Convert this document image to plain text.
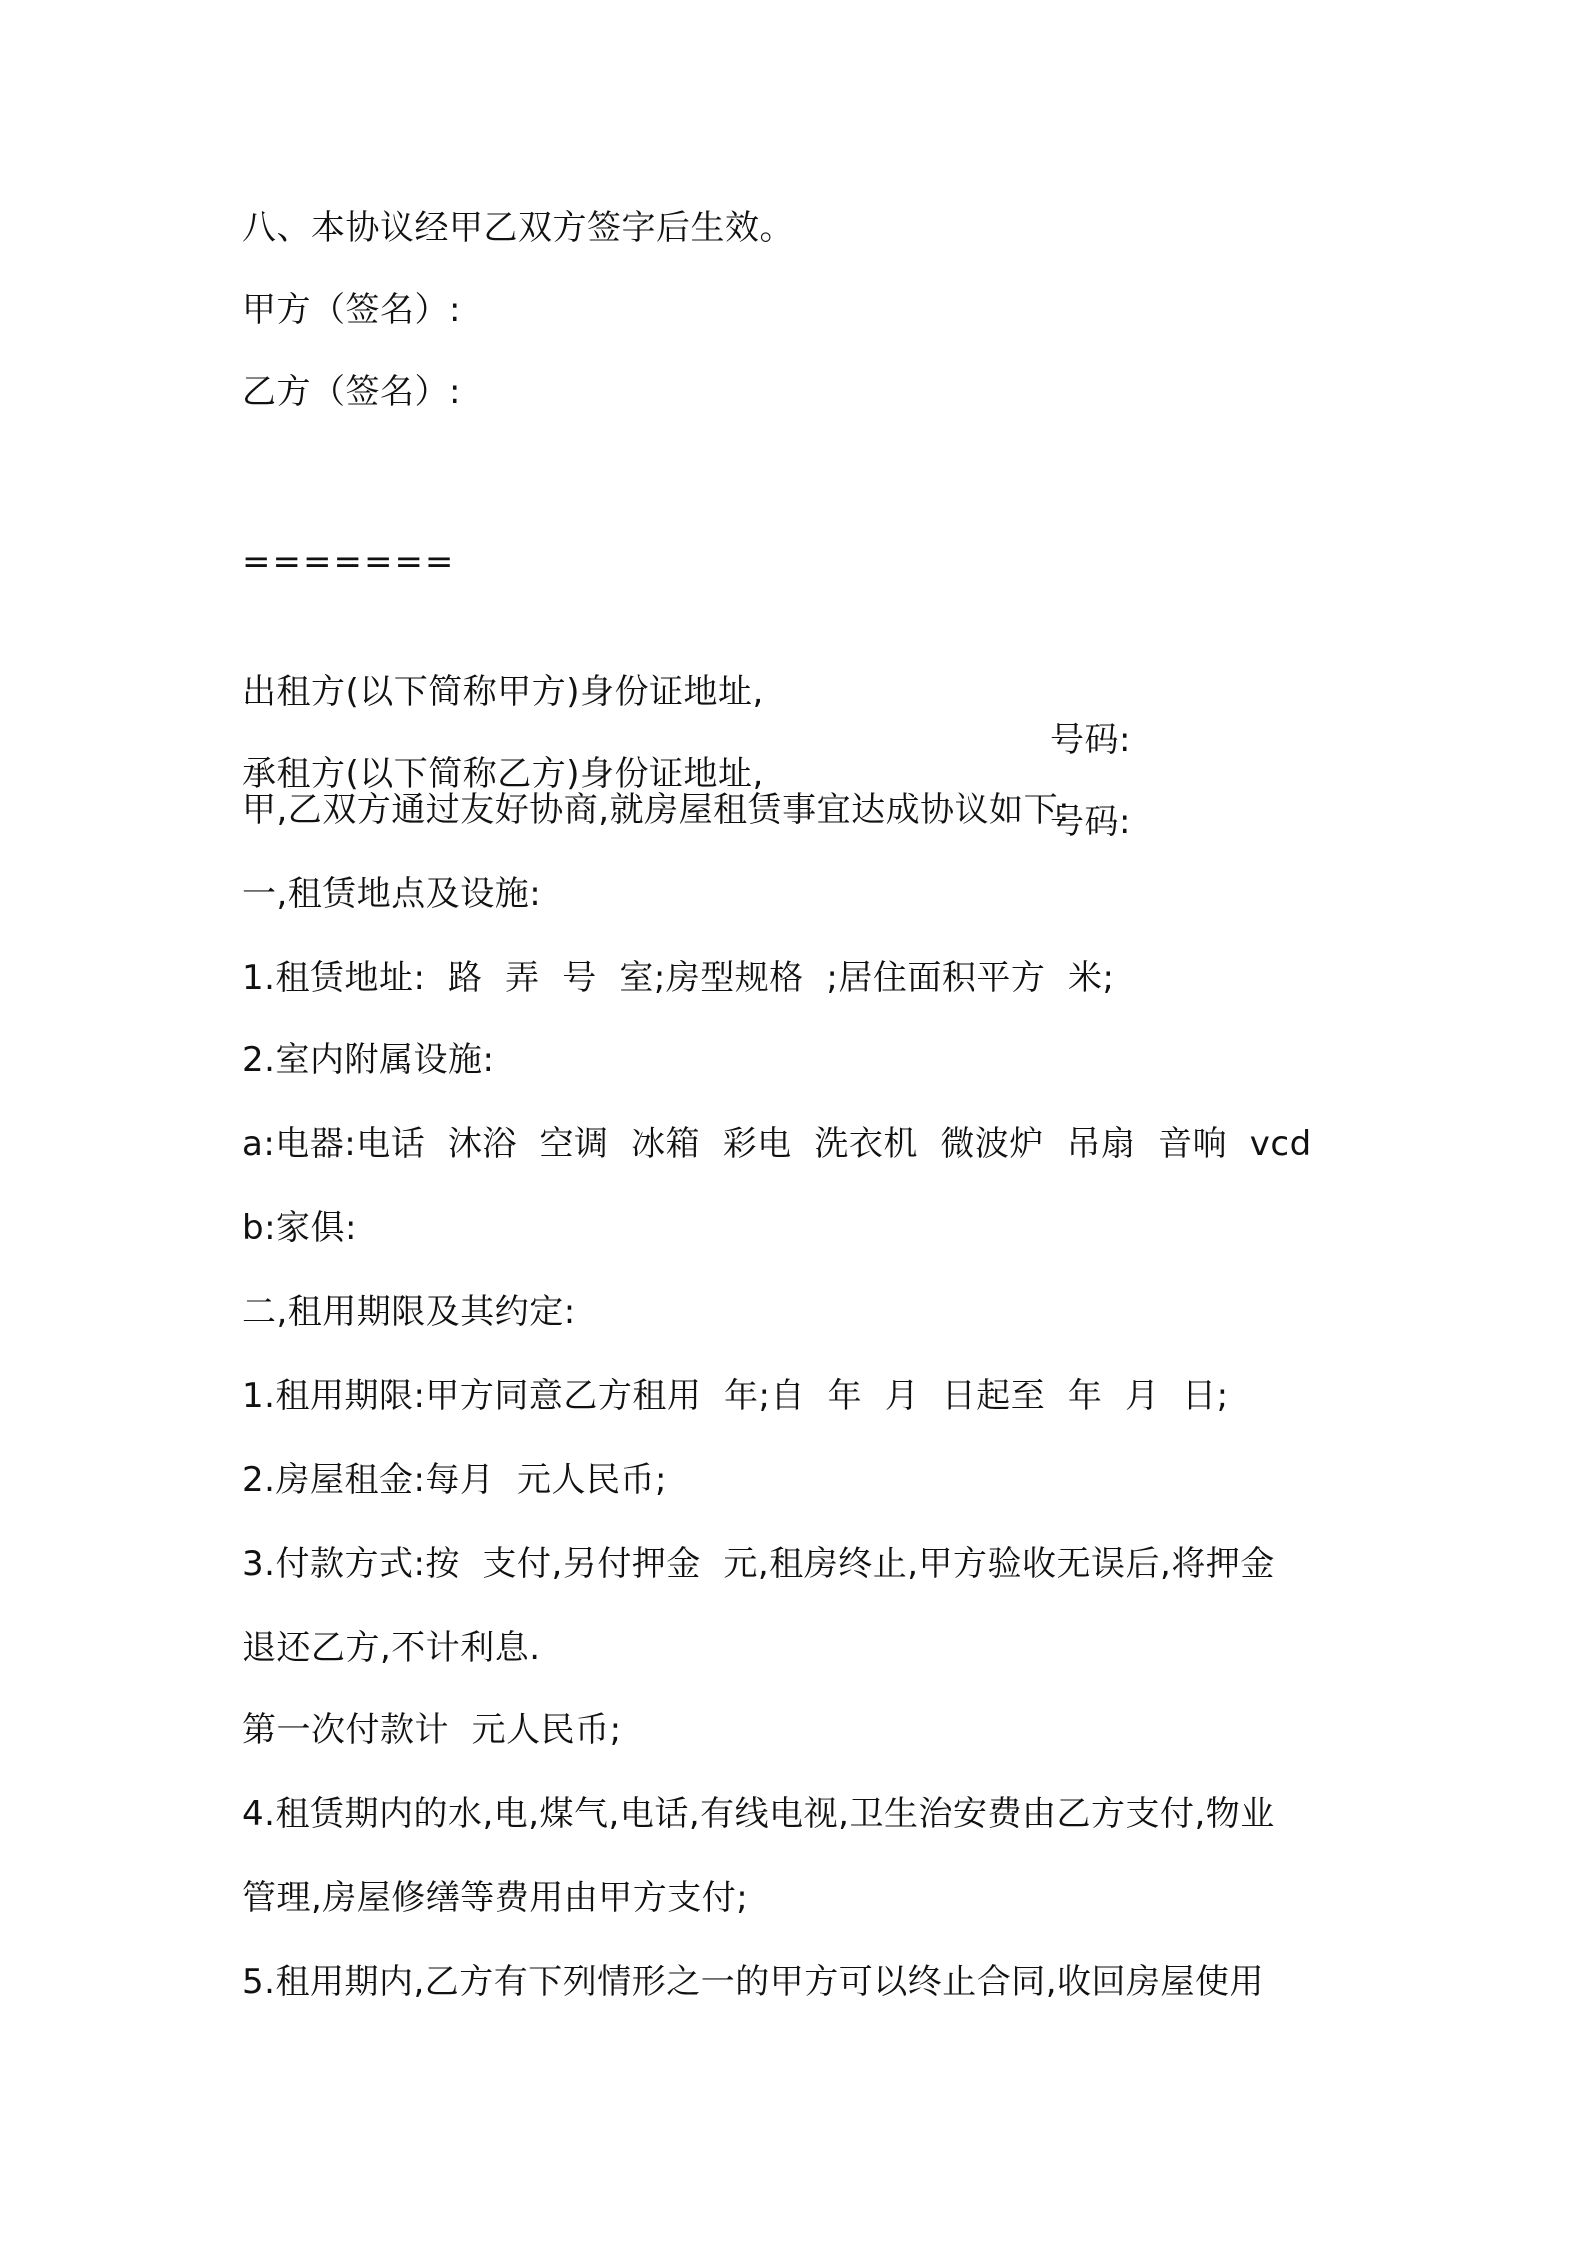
八、本协议经甲乙双方签字后生效。
甲方（签名）:
乙方（签名）:
=======

出租方(以下简称甲方)身份证地址,

号码:

承租方(以下简称乙方)身份证地址,

号码:

甲,乙双方通过友好协商,就房屋租赁事宜达成协议如下:
一,租赁地点及设施:
1.租赁地址:  路  弄  号  室;房型规格  ;居住面积平方  米;
2.室内附属设施:
a:电器:电话  沐浴  空调  冰箱  彩电  洗衣机  微波炉  吊扇  音响  vcd
b:家俱:
二,租用期限及其约定:
1.租用期限:甲方同意乙方租用  年;自  年  月  日起至  年  月  日;
2.房屋租金:每月  元人民币;
3.付款方式:按  支付,另付押金  元,租房终止,甲方验收无误后,将押金
退还乙方,不计利息.
第一次付款计  元人民币;
4.租赁期内的水,电,煤气,电话,有线电视,卫生治安费由乙方支付,物业
管理,房屋修缮等费用由甲方支付;
5.租用期内,乙方有下列情形之一的甲方可以终止合同,收回房屋使用
